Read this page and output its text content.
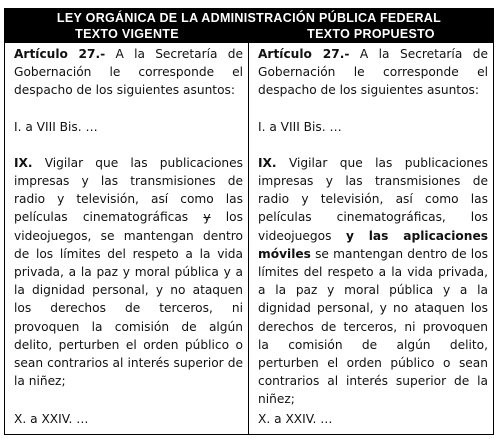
LEY ORGÁNICA DE LA ADMINISTRACIÓN PÚBLICA FEDERAL
TEXTO VIGENTE	TEXTO PROPUESTO

Artículo 27.- A la Secretaría de Gobernación le corresponde el despacho de los siguientes asuntos:

I. a VIII Bis. …

IX. Vigilar que las publicaciones impresas y las transmisiones de radio y televisión, así como las películas cinematográficas y los videojuegos, se mantengan dentro de los límites del respeto a la vida privada, a la paz y moral pública y a la dignidad personal, y no ataquen los derechos de terceros, ni provoquen la comisión de algún delito, perturben el orden público o sean contrarios al interés superior de la niñez;

X. a XXIV. …

Artículo 27.- A la Secretaría de Gobernación le corresponde el despacho de los siguientes asuntos:

I. a VIII Bis. …

IX. Vigilar que las publicaciones impresas y las transmisiones de radio y televisión, así como las películas cinematográficas, los videojuegos y las aplicaciones móviles se mantengan dentro de los límites del respeto a la vida privada, a la paz y moral pública y a la dignidad personal, y no ataquen los derechos de terceros, ni provoquen la comisión de algún delito, perturben el orden público o sean contrarios al interés superior de la niñez;

X. a XXIV. …
